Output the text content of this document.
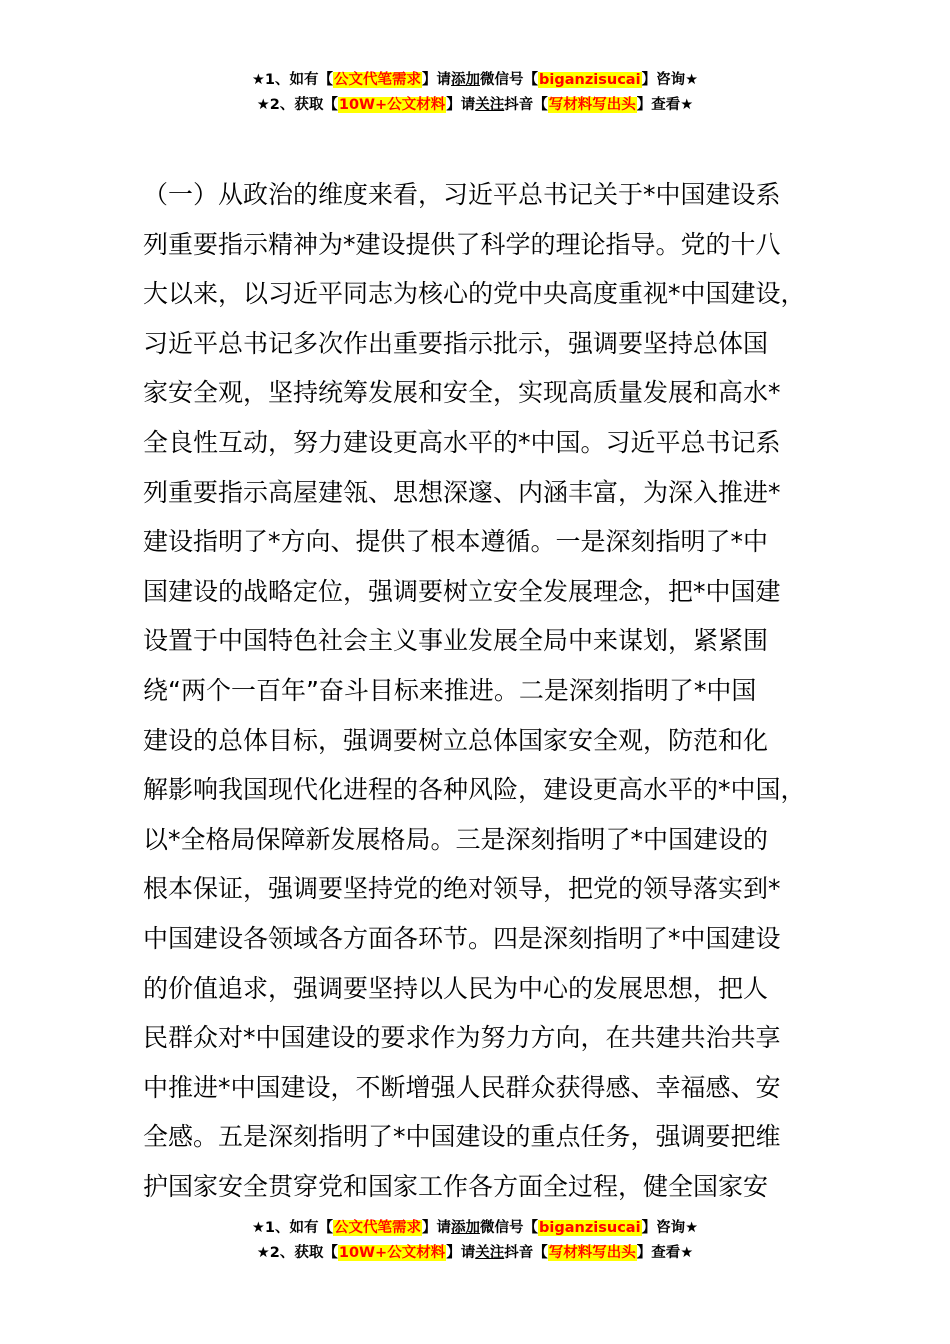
★1、如有【公文代笔需求】请添加微信号【biganzisucai】咨询★
★2、获取【10W+公文材料】请关注抖音【写材料写出头】查看★
（一）从政治的维度来看，习近平总书记关于*中国建设系
列重要指示精神为*建设提供了科学的理论指导。党的十八
大以来，以习近平同志为核心的党中央高度重视*中国建设，
习近平总书记多次作出重要指示批示，强调要坚持总体国
家安全观，坚持统筹发展和安全，实现高质量发展和高水*
全良性互动，努力建设更高水平的*中国。习近平总书记系
列重要指示高屋建瓴、思想深邃、内涵丰富，为深入推进*
建设指明了*方向、提供了根本遵循。一是深刻指明了*中
国建设的战略定位，强调要树立安全发展理念，把*中国建
设置于中国特色社会主义事业发展全局中来谋划，紧紧围
绕“两个一百年”奋斗目标来推进。二是深刻指明了*中国
建设的总体目标，强调要树立总体国家安全观，防范和化
解影响我国现代化进程的各种风险，建设更高水平的*中国，
以*全格局保障新发展格局。三是深刻指明了*中国建设的
根本保证，强调要坚持党的绝对领导，把党的领导落实到*
中国建设各领域各方面各环节。四是深刻指明了*中国建设
的价值追求，强调要坚持以人民为中心的发展思想，把人
民群众对*中国建设的要求作为努力方向，在共建共治共享
中推进*中国建设，不断增强人民群众获得感、幸福感、安
全感。五是深刻指明了*中国建设的重点任务，强调要把维
护国家安全贯穿党和国家工作各方面全过程，健全国家安
★1、如有【公文代笔需求】请添加微信号【biganzisucai】咨询★
★2、获取【10W+公文材料】请关注抖音【写材料写出头】查看★
